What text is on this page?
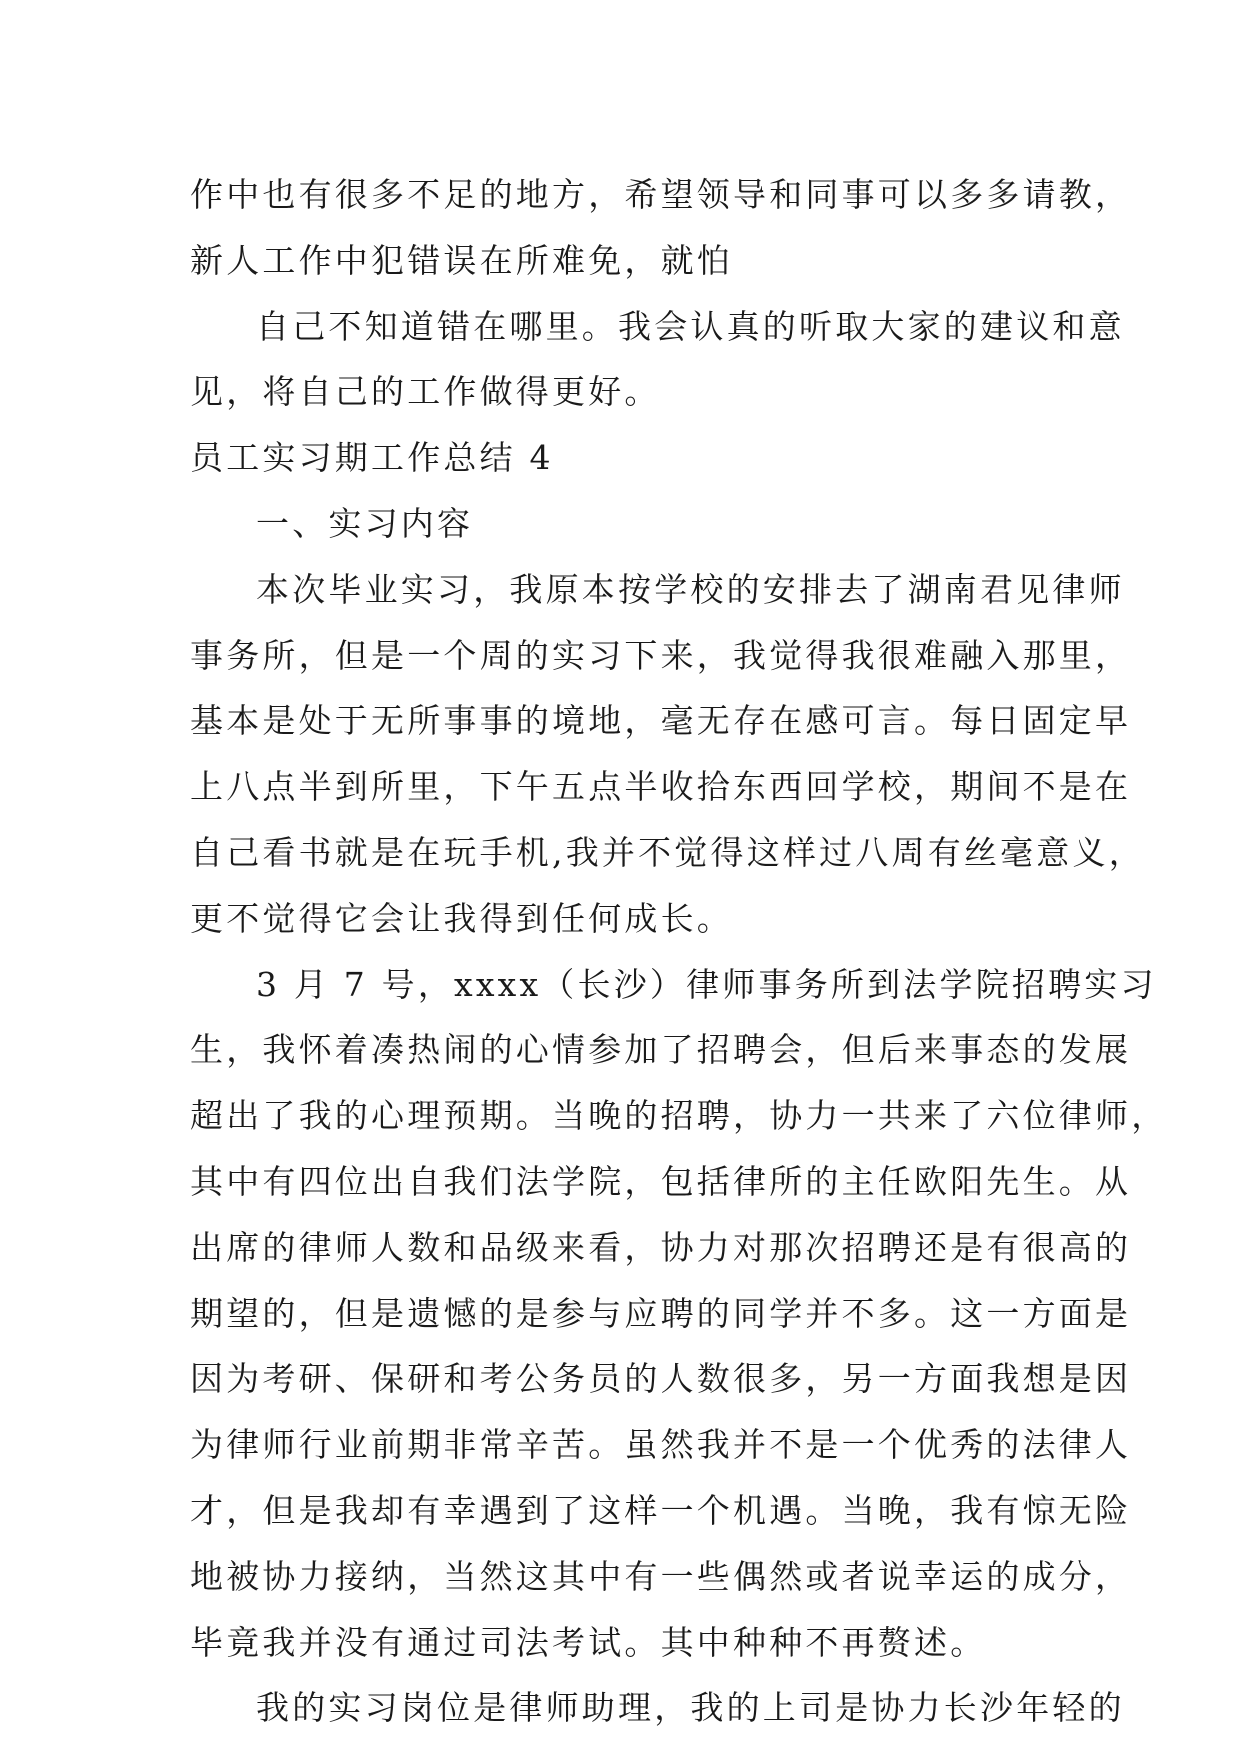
作中也有很多不足的地方，希望领导和同事可以多多请教，
新人工作中犯错误在所难免，就怕
自己不知道错在哪里。我会认真的听取大家的建议和意
见，将自己的工作做得更好。
员工实习期工作总结 4
一、实习内容
本次毕业实习，我原本按学校的安排去了湖南君见律师
事务所，但是一个周的实习下来，我觉得我很难融入那里，
基本是处于无所事事的境地，毫无存在感可言。每日固定早
上八点半到所里，下午五点半收拾东西回学校，期间不是在
自己看书就是在玩手机,我并不觉得这样过八周有丝毫意义，
更不觉得它会让我得到任何成长。
3 月 7 号，xxxx（长沙）律师事务所到法学院招聘实习
生，我怀着凑热闹的心情参加了招聘会，但后来事态的发展
超出了我的心理预期。当晚的招聘，协力一共来了六位律师，
其中有四位出自我们法学院，包括律所的主任欧阳先生。从
出席的律师人数和品级来看，协力对那次招聘还是有很高的
期望的，但是遗憾的是参与应聘的同学并不多。这一方面是
因为考研、保研和考公务员的人数很多，另一方面我想是因
为律师行业前期非常辛苦。虽然我并不是一个优秀的法律人
才，但是我却有幸遇到了这样一个机遇。当晚，我有惊无险
地被协力接纳，当然这其中有一些偶然或者说幸运的成分，
毕竟我并没有通过司法考试。其中种种不再赘述。
我的实习岗位是律师助理，我的上司是协力长沙年轻的
